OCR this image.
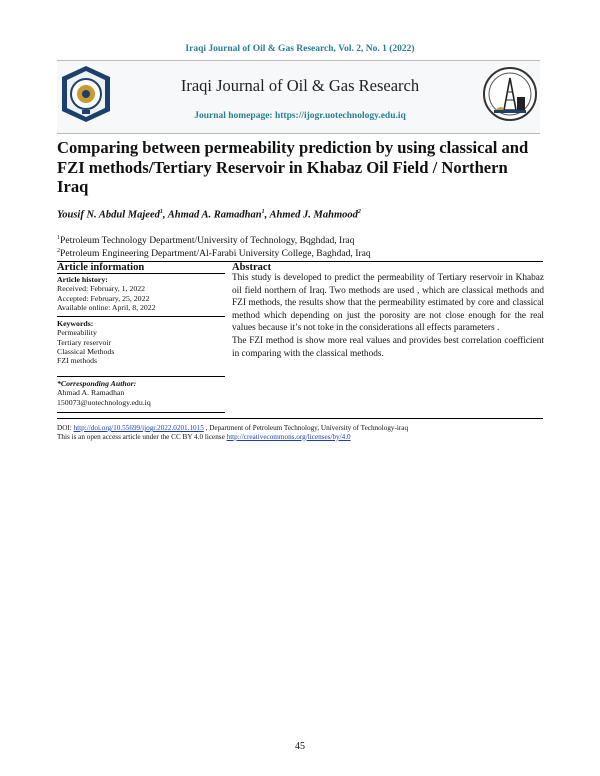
Iraqi Journal of Oil & Gas Research, Vol. 2, No. 1 (2022)
Iraqi Journal of Oil & Gas Research
Journal homepage: https://ijogr.uotechnology.edu.iq
Comparing between permeability prediction by using classical and FZI methods/Tertiary Reservoir in Khabaz Oil Field / Northern Iraq
Yousif N. Abdul Majeed$^1$, Ahmad A. Ramadhan$^1$, Ahmed J. Mahmood$^2$
$^1$Petroleum Technology Department/University of Technology, Bqghdad, Iraq
$^2$Petroleum Engineering Department/Al-Farabi University College, Baghdad, Iraq
Article information
Article history:
Received: February, 1, 2022
Accepted: February, 25, 2022
Available online: April, 8, 2022
Keywords:
Permeability
Tertiary reservoir
Classical Methods
FZI methods
*Corresponding Author:
Ahmad A. Ramadhan
150073@uotechnology.edu.iq
Abstract

This study is developed to predict the permeability of Tertiary reservoir in Khabaz oil field northern of Iraq. Two methods are used , which are classical methods and FZI methods, the results show that the permeability estimated by core and classical method which depending on just the porosity are not close enough for the real values because it’s not toke in the considerations all effects parameters .

The FZI method is show more real values and provides best correlation coefficient in comparing with the classical methods.

DOI: http://doi.org/10.55699/ijogr.2022.0201.1015 , Department of Petroleum Technology, University of Technology-iraq
This is an open access article under the CC BY 4.0 license http://creativecommons.org/licenses/by/4.0
45
